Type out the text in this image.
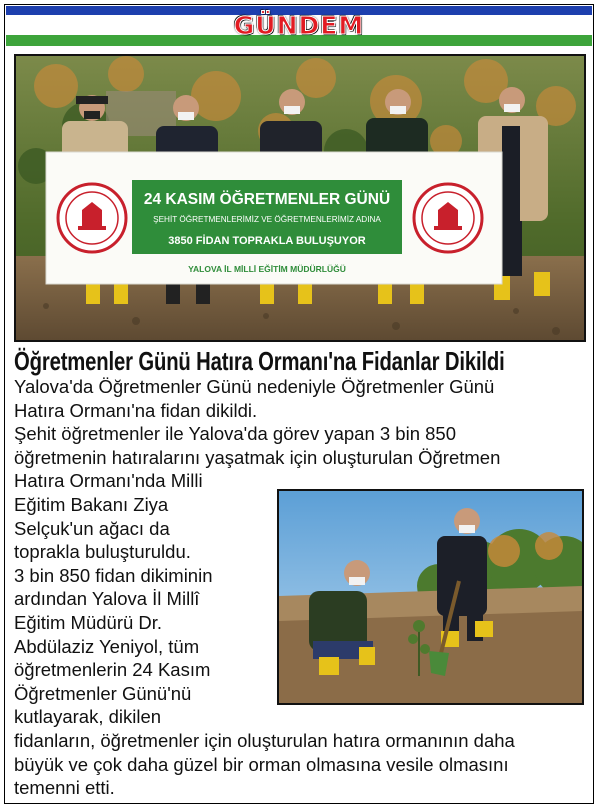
GÜNDEM
24 KASIM ÖĞRETMENLER GÜNÜ
ŞEHİT ÖĞRETMENLERİMİZ VE ÖĞRETMENLERİMİZ ADINA
3850 FİDAN TOPRAKLA BULUŞUYOR
YALOVA İL MİLLİ EĞİTİM MÜDÜRLÜĞÜ
Öğretmenler Günü Hatıra Ormanı'na Fidanlar Dikildi
Yalova'da Öğretmenler Günü nedeniyle Öğretmenler Günü
Hatıra Ormanı'na fidan dikildi.
Şehit öğretmenler ile Yalova'da görev yapan 3 bin 850
öğretmenin hatıralarını yaşatmak için oluşturulan Öğretmen
Hatıra Ormanı'nda Milli
Eğitim Bakanı Ziya
Selçuk'un ağacı da
toprakla buluşturuldu.
3 bin 850 fidan dikiminin
ardından Yalova İl Millî
Eğitim Müdürü Dr.
Abdülaziz Yeniyol, tüm
öğretmenlerin 24 Kasım
Öğretmenler Günü'nü
kutlayarak, dikilen
fidanların, öğretmenler için oluşturulan hatıra ormanının daha
büyük ve çok daha güzel bir orman olmasına vesile olmasını
temenni etti.
